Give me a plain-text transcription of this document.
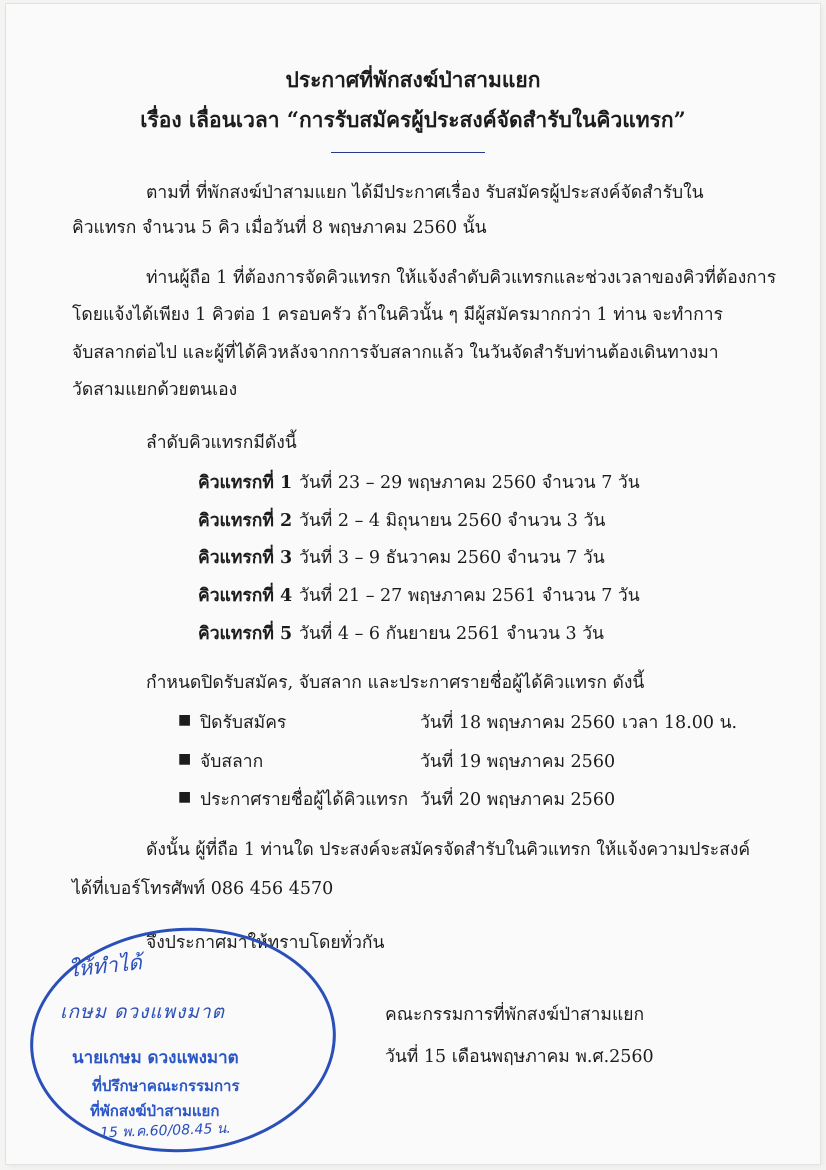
ประกาศที่พักสงฆ์ป่าสามแยก
เรื่อง เลื่อนเวลา “การรับสมัครผู้ประสงค์จัดสำรับในคิวแทรก”
ตามที่ ที่พักสงฆ์ป่าสามแยก ได้มีประกาศเรื่อง รับสมัครผู้ประสงค์จัดสำรับใน
คิวแทรก จำนวน 5 คิว เมื่อวันที่ 8 พฤษภาคม 2560 นั้น
ท่านผู้ถือ 1 ที่ต้องการจัดคิวแทรก ให้แจ้งลำดับคิวแทรกและช่วงเวลาของคิวที่ต้องการ
โดยแจ้งได้เพียง 1 คิวต่อ 1 ครอบครัว ถ้าในคิวนั้น ๆ มีผู้สมัครมากกว่า 1 ท่าน จะทำการ
จับสลากต่อไป และผู้ที่ได้คิวหลังจากการจับสลากแล้ว ในวันจัดสำรับท่านต้องเดินทางมา
วัดสามแยกด้วยตนเอง
ลำดับคิวแทรกมีดังนี้
คิวแทรกที่ 1 วันที่ 23 – 29 พฤษภาคม 2560 จำนวน 7 วัน
คิวแทรกที่ 2 วันที่ 2 – 4 มิถุนายน 2560 จำนวน 3 วัน
คิวแทรกที่ 3 วันที่ 3 – 9 ธันวาคม 2560 จำนวน 7 วัน
คิวแทรกที่ 4 วันที่ 21 – 27 พฤษภาคม 2561 จำนวน 7 วัน
คิวแทรกที่ 5 วันที่ 4 – 6 กันยายน 2561 จำนวน 3 วัน
กำหนดปิดรับสมัคร, จับสลาก และประกาศรายชื่อผู้ได้คิวแทรก ดังนี้
■ ปิดรับสมัคร	วันที่ 18 พฤษภาคม 2560 เวลา 18.00 น.
■ จับสลาก	วันที่ 19 พฤษภาคม 2560
■ ประกาศรายชื่อผู้ได้คิวแทรก วันที่ 20 พฤษภาคม 2560
ดังนั้น ผู้ที่ถือ 1 ท่านใด ประสงค์จะสมัครจัดสำรับในคิวแทรก ให้แจ้งความประสงค์
ได้ที่เบอร์โทรศัพท์ 086 456 4570
จึงประกาศมาให้ทราบโดยทั่วกัน
คณะกรรมการที่พักสงฆ์ป่าสามแยก
วันที่ 15 เดือนพฤษภาคม พ.ศ.2560
ให้ทำได้
เกษม ดวงแพงมาต
นายเกษม ดวงแพงมาต
ที่ปรึกษาคณะกรรมการ
ที่พักสงฆ์ป่าสามแยก
15 พ.ค.60/08.45 น.
